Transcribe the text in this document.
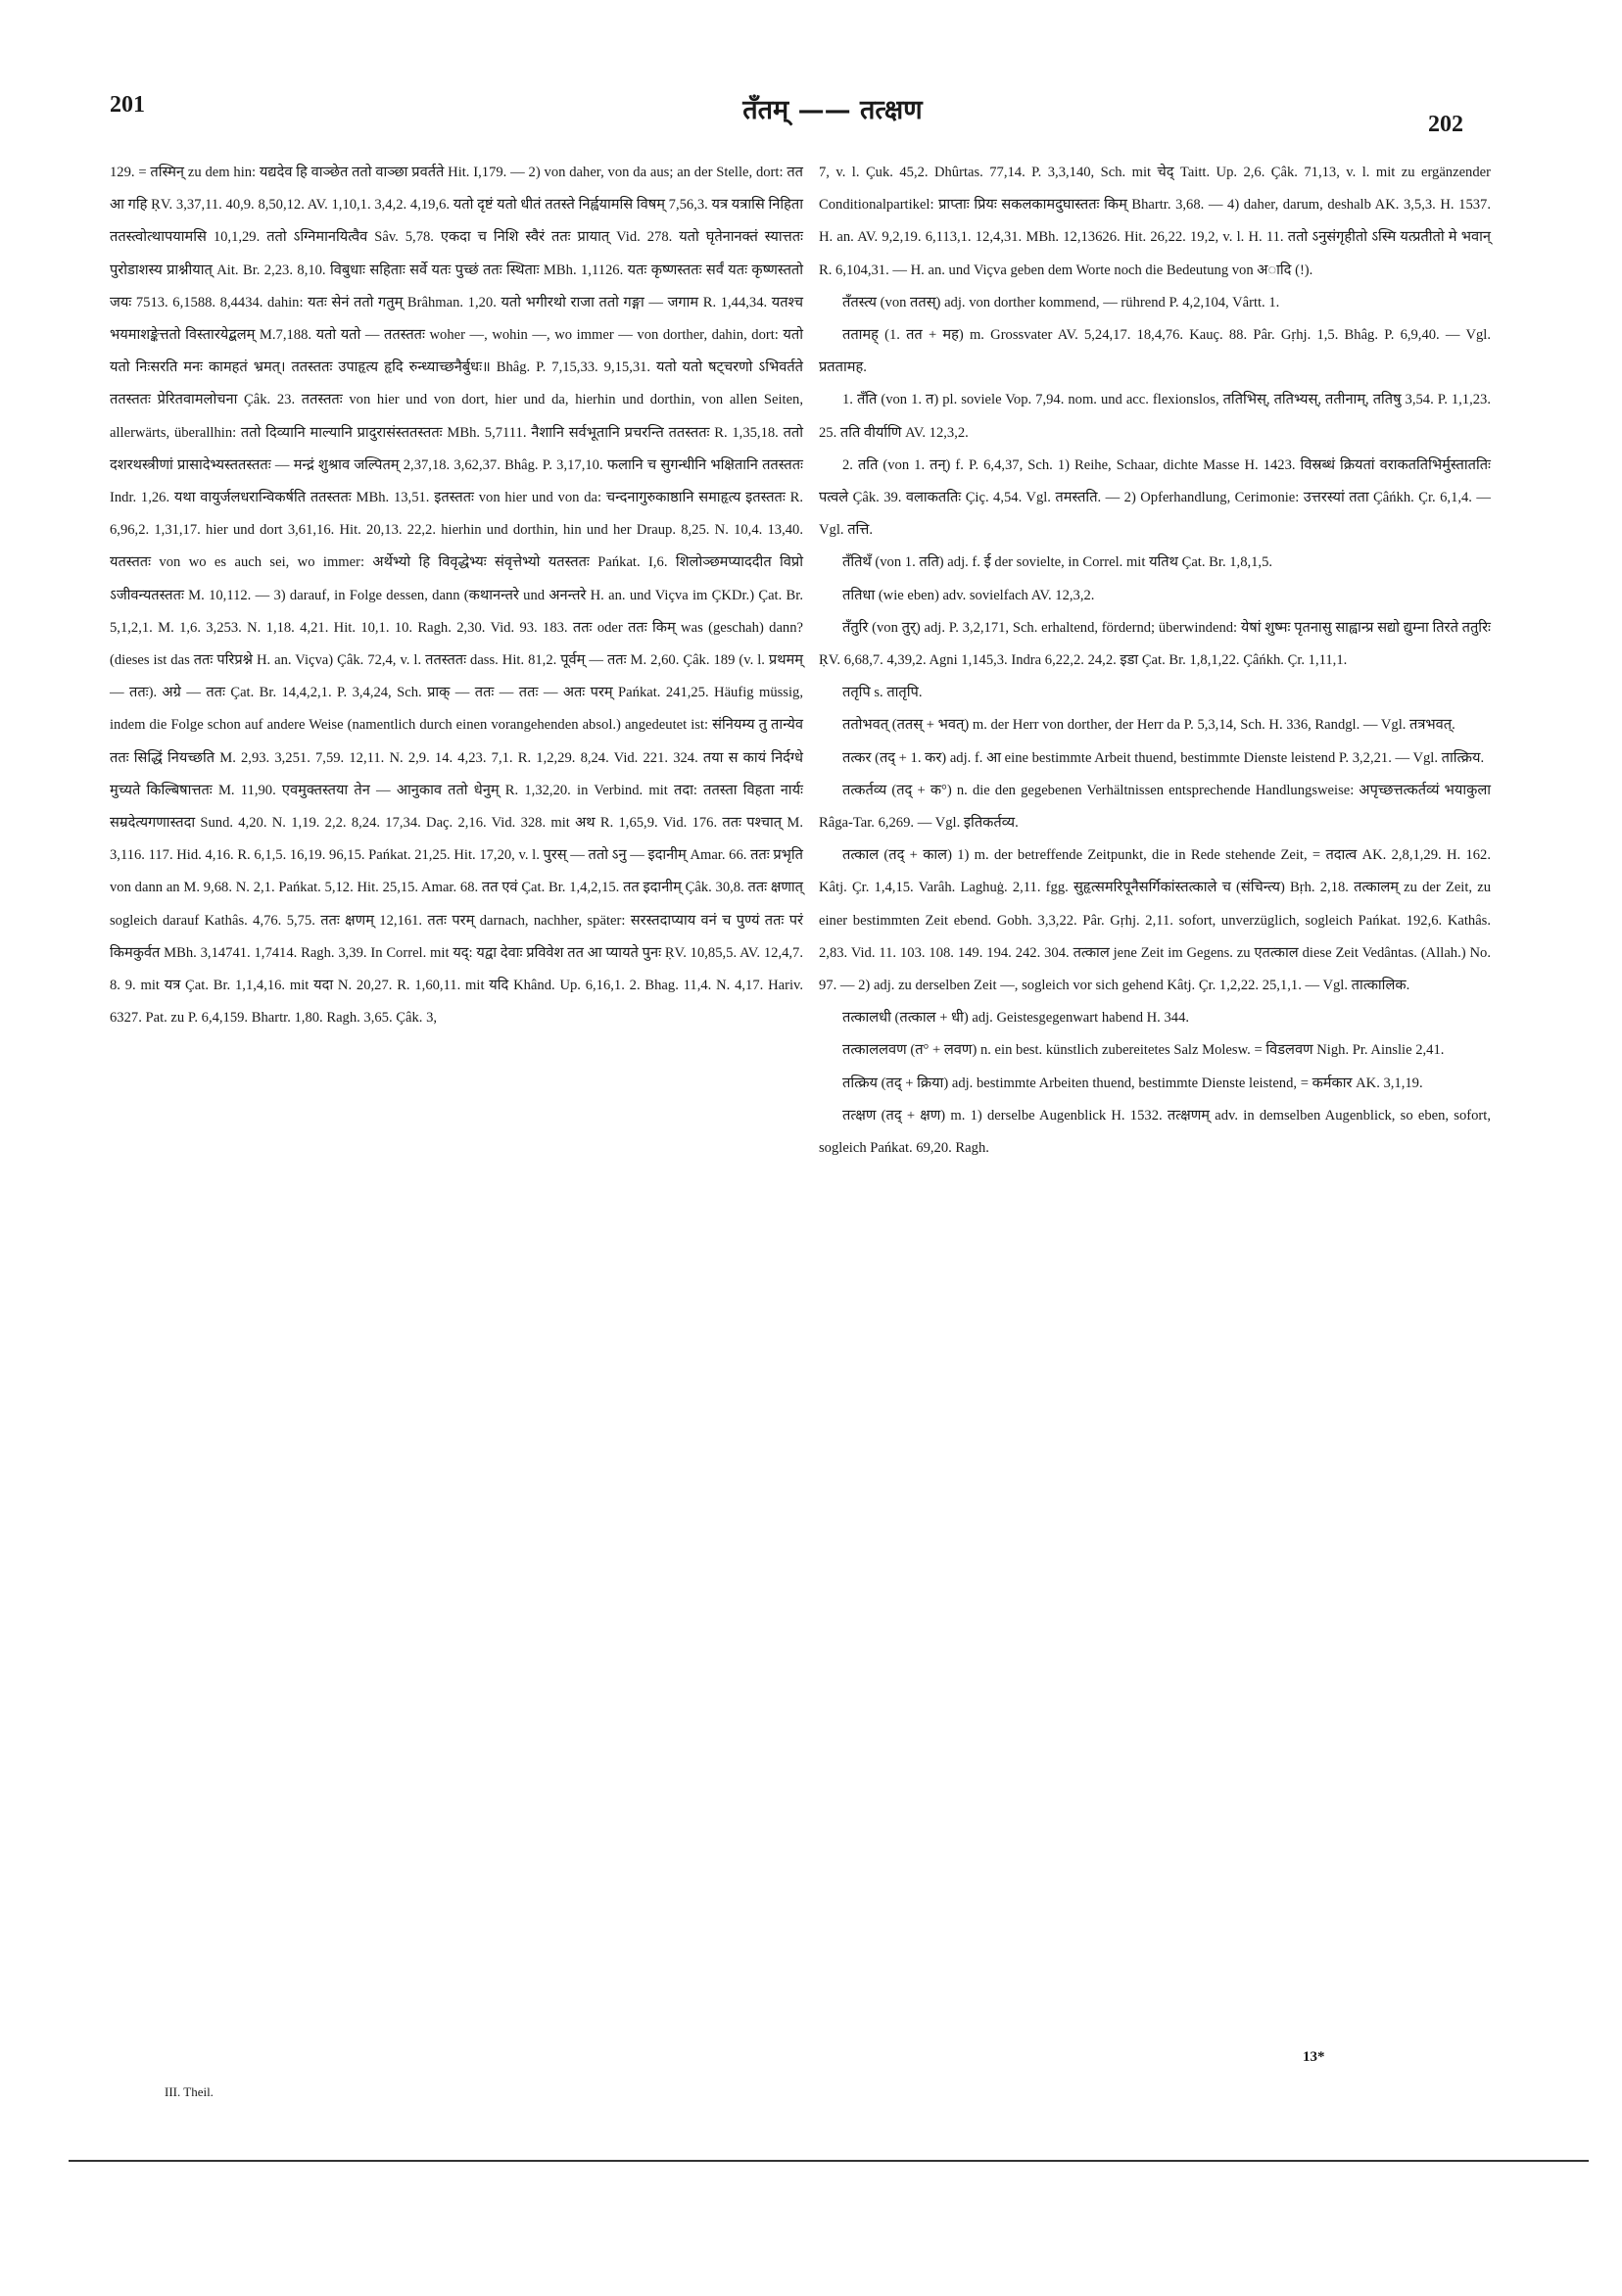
201	तँतम् —— तत्क्षण	202

129. = तस्मिन् zu dem hin: यद्यदेव हि वाञ्छेत ततो वाञ्छा प्रवर्तते Hit. I,179. — 2) von daher, von da aus; an der Stelle, dort: तत आ गहि ṚV. 3,37,11. 40,9. 8,50,12. AV. 1,10,1. 3,4,2. 4,19,6. यतो दृष्टं यतो धीतं ततस्ते निर्ह्वयामसि विषम् 7,56,3. यत्र यत्रासि निहिता ततस्त्वोत्थापयामसि 10,1,29. ततो ऽग्निमानयित्वैव Sâv. 5,78. एकदा च निशि स्वैरं ततः प्रायात् Vid. 278. यतो घृतेनानक्तं स्यात्ततः पुरोडाशस्य प्राश्नीयात् Ait. Br. 2,23. 8,10. विबुधाः सहिताः सर्वे यतः पुच्छं ततः स्थिताः MBh. 1,1126. यतः कृष्णस्ततः सर्वं यतः कृष्णस्ततो जयः 7513. 6,1588. 8,4434. dahin: यतः सेनं ततो गतुम् Brâhman. 1,20. यतो भगीरथो राजा ततो गङ्गा — जगाम R. 1,44,34. यतश्च भयमाशङ्केत्ततो विस्तारयेद्बलम् M.7,188. यतो यतो — ततस्ततः woher —, wohin —, wo immer — von dorther, dahin, dort: यतो यतो निःसरति मनः कामहतं भ्रमत्। ततस्ततः उपाहृत्य हृदि रुन्ध्याच्छनैर्बुधः॥ Bhâg. P. 7,15,33. 9,15,31. यतो यतो षट्चरणो ऽभिवर्तते ततस्ततः प्रेरितवामलोचना Çâk. 23. ततस्ततः von hier und von dort, hier und da, hierhin und dorthin, von allen Seiten, allerwärts, überallhin: ततो दिव्यानि माल्यानि प्रादुरासंस्ततस्ततः MBh. 5,7111. नैशानि सर्वभूतानि प्रचरन्ति ततस्ततः R. 1,35,18. ततो दशरथस्त्रीणां प्रासादेभ्यस्ततस्ततः — मन्द्रं शुश्राव जल्पितम् 2,37,18. 3,62,37. Bhâg. P. 3,17,10. फलानि च सुगन्धीनि भक्षितानि ततस्ततः Indr. 1,26. यथा वायुर्जलधरान्विकर्षति ततस्ततः MBh. 13,51. इतस्ततः von hier und von da: चन्दनागुरुकाष्ठानि समाहृत्य इतस्ततः R. 6,96,2. 1,31,17. hier und dort 3,61,16. Hit. 20,13. 22,2. hierhin und dorthin, hin und her Draup. 8,25. N. 10,4. 13,40. यतस्ततः von wo es auch sei, wo immer: अर्थेभ्यो हि विवृद्धेभ्यः संवृत्तेभ्यो यतस्ततः Pańkat. I,6. शिलोञ्छमप्याददीत विप्रो ऽजीवन्यतस्ततः M. 10,112. — 3) darauf, in Folge dessen, dann (कथानन्तरे und अनन्तरे H. an. und Viçva im ÇKDr.) Çat. Br. 5,1,2,1. M. 1,6. 3,253. N. 1,18. 4,21. Hit. 10,1. 10. Ragh. 2,30. Vid. 93. 183. ततः oder ततः किम् was (geschah) dann? (dieses ist das ततः परिप्रश्ने H. an. Viçva) Çâk. 72,4, v. l. ततस्ततः dass. Hit. 81,2. पूर्वम् — ततः M. 2,60. Çâk. 189 (v. l. प्रथमम् — ततः). अग्रे — ततः Çat. Br. 14,4,2,1. P. 3,4,24, Sch. प्राक् — ततः — ततः — अतः परम् Pańkat. 241,25. Häufig müssig, indem die Folge schon auf andere Weise (namentlich durch einen vorangehenden absol.) angedeutet ist: संनियम्य तु तान्येव ततः सिद्धिं नियच्छति M. 2,93. 3,251. 7,59. 12,11. N. 2,9. 14. 4,23. 7,1. R. 1,2,29. 8,24. Vid. 221. 324. तया स कायं निर्दग्धे मुच्यते किल्बिषात्ततः M. 11,90. एवमुक्तस्तया तेन — आनुकाव ततो धेनुम् R. 1,32,20. in Verbind. mit तदा: ततस्ता विहता नार्यः सम्रदेत्यगणास्तदा Sund. 4,20. N. 1,19. 2,2. 8,24. 17,34. Daç. 2,16. Vid. 328. mit अथ R. 1,65,9. Vid. 176. ततः पश्चात् M. 3,116. 117. Hid. 4,16. R. 6,1,5. 16,19. 96,15. Pańkat. 21,25. Hit. 17,20, v. l. पुरस् — ततो ऽनु — इदानीम् Amar. 66. ततः प्रभृति von dann an M. 9,68. N. 2,1. Pańkat. 5,12. Hit. 25,15. Amar. 68. तत एवं Çat. Br. 1,4,2,15. तत इदानीम् Çâk. 30,8. ततः क्षणात् sogleich darauf Kathâs. 4,76. 5,75. ततः क्षणम् 12,161. ततः परम् darnach, nachher, später: सरस्तदाप्याय वनं च पुण्यं ततः परं किमकुर्वत MBh. 3,14741. 1,7414. Ragh. 3,39. In Correl. mit यद्: यद्वा देवाः प्रविवेश तत आ प्यायते पुनः ṚV. 10,85,5. AV. 12,4,7. 8. 9. mit यत्र Çat. Br. 1,1,4,16. mit यदा N. 20,27. R. 1,60,11. mit यदि Khând. Up. 6,16,1. 2. Bhag. 11,4. N. 4,17. Hariv. 6327. Pat. zu P. 6,4,159. Bhartr. 1,80. Ragh. 3,65. Çâk. 3,

7, v. l. Çuk. 45,2. Dhûrtas. 77,14. P. 3,3,140, Sch. mit चेद् Taitt. Up. 2,6. Çâk. 71,13, v. l. mit zu ergänzender Conditionalpartikel: प्राप्ताः प्रियः सकलकामदुघास्ततः किम् Bhartr. 3,68. — 4) daher, darum, deshalb AK. 3,5,3. H. 1537. H. an. AV. 9,2,19. 6,113,1. 12,4,31. MBh. 12,13626. Hit. 26,22. 19,2, v. l. H. 11. ततो ऽनुसंगृहीतो ऽस्मि यत्प्रतीतो मे भवान् R. 6,104,31. — H. an. und Viçva geben dem Worte noch die Bedeutung von अादि (!).

तँतस्त्य (von ततस्) adj. von dorther kommend, — rührend P. 4,2,104, Vârtt. 1.

ततामह् (1. तत + मह) m. Grossvater AV. 5,24,17. 18,4,76. Kauç. 88. Pâr. Gṛhj. 1,5. Bhâg. P. 6,9,40. — Vgl. प्रततामह.

1. तँति (von 1. त) pl. soviele Vop. 7,94. nom. und acc. flexionslos, ततिभिस्, ततिभ्यस्, ततीनाम्, ततिषु 3,54. P. 1,1,23. 25. तति वीर्याणि AV. 12,3,2.

2. तति (von 1. तन्) f. P. 6,4,37, Sch. 1) Reihe, Schaar, dichte Masse H. 1423. विस्रब्धं क्रियतां वराकततिभिर्मुस्ताततिः पत्वले Çâk. 39. वलाकततिः Çiç. 4,54. Vgl. तमस्तति. — 2) Opferhandlung, Cerimonie: उत्तरस्यां तता Çâńkh. Çr. 6,1,4. — Vgl. तत्ति.

तँतिथँ (von 1. तति) adj. f. ई der sovielte, in Correl. mit यतिथ Çat. Br. 1,8,1,5.

ततिधा (wie eben) adv. sovielfach AV. 12,3,2.

तँतुरि (von तुर्) adj. P. 3,2,171, Sch. erhaltend, fördernd; überwindend: येषां शुष्मः पृतनासु साह्वान्प्र सद्यो द्युम्ना तिरते ततुरिः ṚV. 6,68,7. 4,39,2. Agni 1,145,3. Indra 6,22,2. 24,2. इडा Çat. Br. 1,8,1,22. Çâńkh. Çr. 1,11,1.

ततृपि s. तातृपि.

ततोभवत् (ततस् + भवत्) m. der Herr von dorther, der Herr da P. 5,3,14, Sch. H. 336, Randgl. — Vgl. तत्रभवत्.

तत्कर (तद् + 1. कर) adj. f. आ eine bestimmte Arbeit thuend, bestimmte Dienste leistend P. 3,2,21. — Vgl. तात्क्रिय.

तत्कर्तव्य (तद् + क°) n. die den gegebenen Verhältnissen entsprechende Handlungsweise: अपृच्छत्तत्कर्तव्यं भयाकुला Râga-Tar. 6,269. — Vgl. इतिकर्तव्य.

तत्काल (तद् + काल) 1) m. der betreffende Zeitpunkt, die in Rede stehende Zeit, = तदात्व AK. 2,8,1,29. H. 162. Kâtj. Çr. 1,4,15. Varâh. Laghuġ. 2,11. fgg. सुहृत्समरिपूनैसर्गिकांस्तत्काले च (संचिन्त्य) Bṛh. 2,18. तत्कालम् zu der Zeit, zu einer bestimmten Zeit ebend. Gobh. 3,3,22. Pâr. Gṛhj. 2,11. sofort, unverzüglich, sogleich Pańkat. 192,6. Kathâs. 2,83. Vid. 11. 103. 108. 149. 194. 242. 304. तत्काल jene Zeit im Gegens. zu एतत्काल diese Zeit Vedântas. (Allah.) No. 97. — 2) adj. zu derselben Zeit —, sogleich vor sich gehend Kâtj. Çr. 1,2,22. 25,1,1. — Vgl. तात्कालिक.

तत्कालधी (तत्काल + धी) adj. Geistesgegenwart habend H. 344.

तत्काललवण (त° + लवण) n. ein best. künstlich zubereitetes Salz Molesw. = विडलवण Nigh. Pr. Ainslie 2,41.

तत्क्रिय (तद् + क्रिया) adj. bestimmte Arbeiten thuend, bestimmte Dienste leistend, = कर्मकार AK. 3,1,19.

तत्क्षण (तद् + क्षण) m. 1) derselbe Augenblick H. 1532. तत्क्षणम् adv. in demselben Augenblick, so eben, sofort, sogleich Pańkat. 69,20. Ragh.

III. Theil.
13*
